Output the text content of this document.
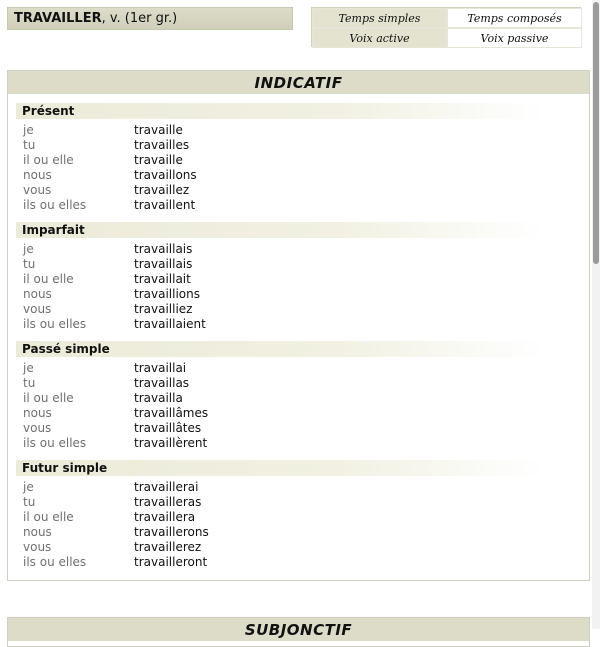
TRAVAILLER, v. (1er gr.)	Temps simples	Temps composés
Voix active	Voix passive
INDICATIF
Présent
je	travaille
tu	travailles
il ou elle	travaille
nous	travaillons
vous	travaillez
ils ou elles	travaillent
Imparfait
je	travaillais
tu	travaillais
il ou elle	travaillait
nous	travaillions
vous	travailliez
ils ou elles	travaillaient
Passé simple
je	travaillai
tu	travaillas
il ou elle	travailla
nous	travaillâmes
vous	travaillâtes
ils ou elles	travaillèrent
Futur simple
je	travaillerai
tu	travailleras
il ou elle	travaillera
nous	travaillerons
vous	travaillerez
ils ou elles	travailleront
SUBJONCTIF
